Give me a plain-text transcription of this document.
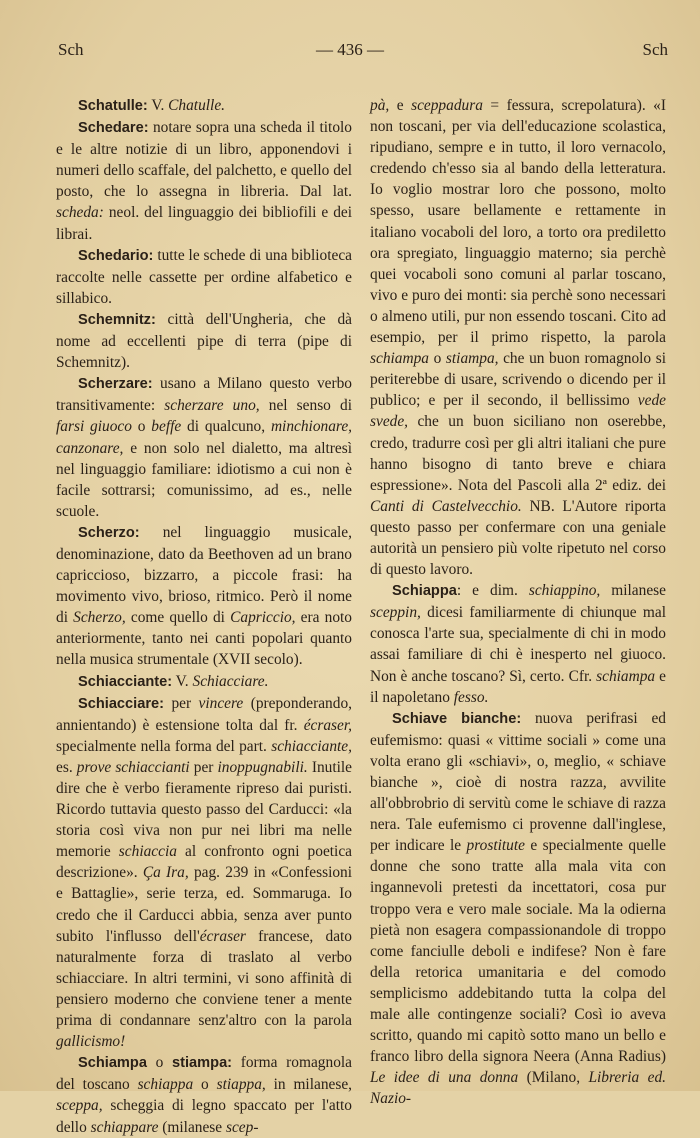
Sch	— 436 —	Sch

Schatulle: V. Chatulle.

Schedare: notare sopra una scheda il titolo e le altre notizie di un libro, apponendovi i numeri dello scaffale, del palchetto, e quello del posto, che lo assegna in libreria. Dal lat. scheda: neol. del linguaggio dei bibliofili e dei librai.

Schedario: tutte le schede di una biblioteca raccolte nelle cassette per ordine alfabetico e sillabico.

Schemnitz: città dell'Ungheria, che dà nome ad eccellenti pipe di terra (pipe di Schemnitz).

Scherzare: usano a Milano questo verbo transitivamente: scherzare uno, nel senso di farsi giuoco o beffe di qualcuno, minchionare, canzonare, e non solo nel dialetto, ma altresì nel linguaggio familiare: idiotismo a cui non è facile sottrarsi; comunissimo, ad es., nelle scuole.

Scherzo: nel linguaggio musicale, denominazione, dato da Beethoven ad un brano capriccioso, bizzarro, a piccole frasi: ha movimento vivo, brioso, ritmico. Però il nome di Scherzo, come quello di Capriccio, era noto anteriormente, tanto nei canti popolari quanto nella musica strumentale (XVII secolo).

Schiacciante: V. Schiacciare.

Schiacciare: per vincere (preponderando, annientando) è estensione tolta dal fr. écraser, specialmente nella forma del part. schiacciante, es. prove schiaccianti per inoppugnabili. Inutile dire che è verbo fieramente ripreso dai puristi. Ricordo tuttavia questo passo del Carducci: «la storia così viva non pur nei libri ma nelle memorie schiaccia al confronto ogni poetica descrizione». Ça Ira, pag. 239 in «Confessioni e Battaglie», serie terza, ed. Sommaruga. Io credo che il Carducci abbia, senza aver punto subito l'influsso dell'écraser francese, dato naturalmente forza di traslato al verbo schiacciare. In altri termini, vi sono affinità di pensiero moderno che conviene tener a mente prima di condannare senz'altro con la parola gallicismo!

Schiampa o stiampa: forma romagnola del toscano schiappa o stiappa, in milanese, sceppa, scheggia di legno spaccato per l'atto dello schiappare (milanese scep-

pà, e sceppadura = fessura, screpolatura). «I non toscani, per via dell'educazione scolastica, ripudiano, sempre e in tutto, il loro vernacolo, credendo ch'esso sia al bando della letteratura. Io voglio mostrar loro che possono, molto spesso, usare bellamente e rettamente in italiano vocaboli del loro, a torto ora prediletto ora spregiato, linguaggio materno; sia perchè quei vocaboli sono comuni al parlar toscano, vivo e puro dei monti: sia perchè sono necessari o almeno utili, pur non essendo toscani. Cito ad esempio, per il primo rispetto, la parola schiampa o stiampa, che un buon romagnolo si periterebbe di usare, scrivendo o dicendo per il publico; e per il secondo, il bellissimo vede svede, che un buon siciliano non oserebbe, credo, tradurre così per gli altri italiani che pure hanno bisogno di tanto breve e chiara espressione». Nota del Pascoli alla 2ª ediz. dei Canti di Castelvecchio. NB. L'Autore riporta questo passo per confermare con una geniale autorità un pensiero più volte ripetuto nel corso di questo lavoro.

Schiappa: e dim. schiappino, milanese sceppin, dicesi familiarmente di chiunque mal conosca l'arte sua, specialmente di chi in modo assai familiare di chi è inesperto nel giuoco. Non è anche toscano? Sì, certo. Cfr. schiampa e il napoletano fesso.

Schiave bianche: nuova perifrasi ed eufemismo: quasi « vittime sociali » come una volta erano gli «schiavi», o, meglio, « schiave bianche », cioè di nostra razza, avvilite all'obbrobrio di servitù come le schiave di razza nera. Tale eufemismo ci provenne dall'inglese, per indicare le prostitute e specialmente quelle donne che sono tratte alla mala vita con ingannevoli pretesti da incettatori, cosa pur troppo vera e vero male sociale. Ma la odierna pietà non esagera compassionandole di troppo come fanciulle deboli e indifese? Non è fare della retorica umanitaria e del comodo semplicismo addebitando tutta la colpa del male alle contingenze sociali? Così io aveva scritto, quando mi capitò sotto mano un bello e franco libro della signora Neera (Anna Radius) Le idee di una donna (Milano, Libreria ed. Nazio-
